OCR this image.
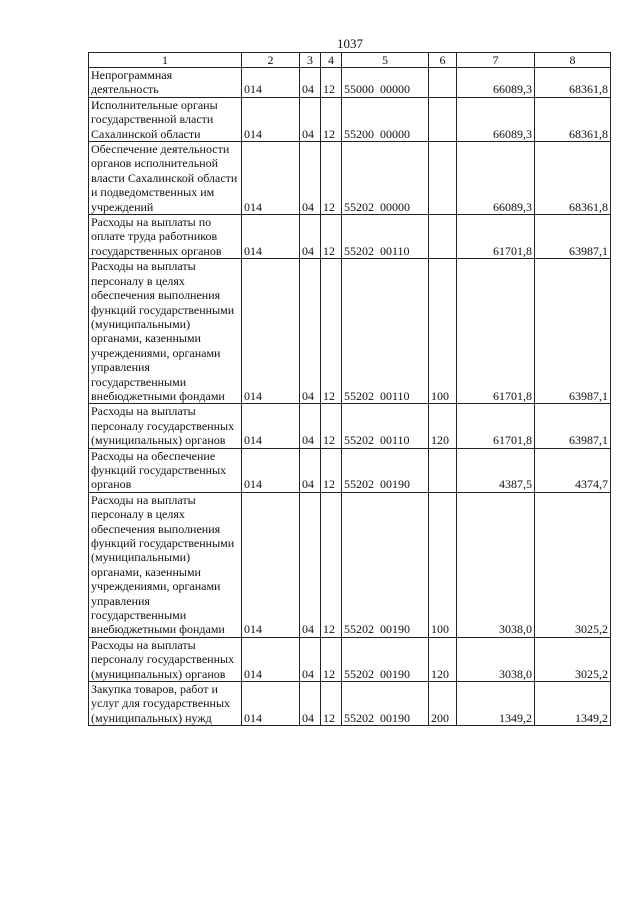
1037
1	2	3	4	5	6	7	8
Непрограммная деятельность	014	04	12	55000  00000		66089,3	68361,8
Исполнительные органы государственной власти Сахалинской области	014	04	12	55200  00000		66089,3	68361,8
Обеспечение деятельности органов исполнительной власти Сахалинской области и подведомственных им учреждений	014	04	12	55202  00000		66089,3	68361,8
Расходы на выплаты по оплате труда работников государственных органов	014	04	12	55202  00110		61701,8	63987,1
Расходы на выплаты персоналу в целях обеспечения выполнения функций государственными (муниципальными) органами, казенными учреждениями, органами управления государственными внебюджетными фондами	014	04	12	55202  00110	100	61701,8	63987,1
Расходы на выплаты персоналу государственных (муниципальных) органов	014	04	12	55202  00110	120	61701,8	63987,1
Расходы на обеспечение функций государственных органов	014	04	12	55202  00190		4387,5	4374,7
Расходы на выплаты персоналу в целях обеспечения выполнения функций государственными (муниципальными) органами, казенными учреждениями, органами управления государственными внебюджетными фондами	014	04	12	55202  00190	100	3038,0	3025,2
Расходы на выплаты персоналу государственных (муниципальных) органов	014	04	12	55202  00190	120	3038,0	3025,2
Закупка товаров, работ и услуг для государственных (муниципальных) нужд	014	04	12	55202  00190	200	1349,2	1349,2
